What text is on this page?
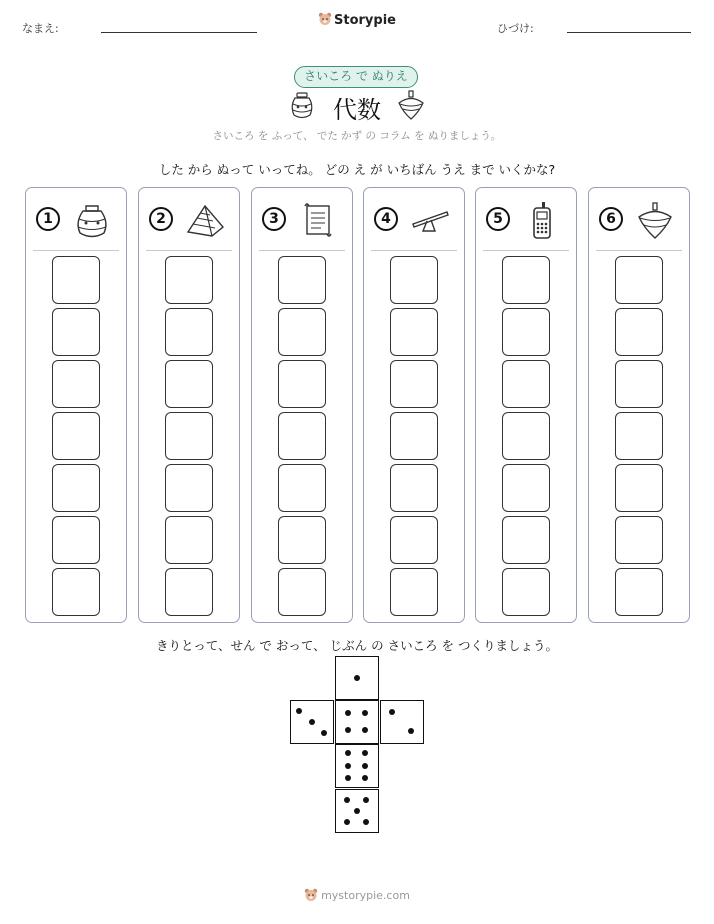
なまえ:
Storypie
ひづけ:
さいころ で ぬりえ
代数
さいころ を ふって、 でた かず の コラム を ぬりましょう。
した から ぬって いってね。 どの え が いちばん うえ まで いくかな?
1	2	3	4	5	6
きりとって、せん で おって、 じぶん の さいころ を つくりましょう。
mystorypie.com
